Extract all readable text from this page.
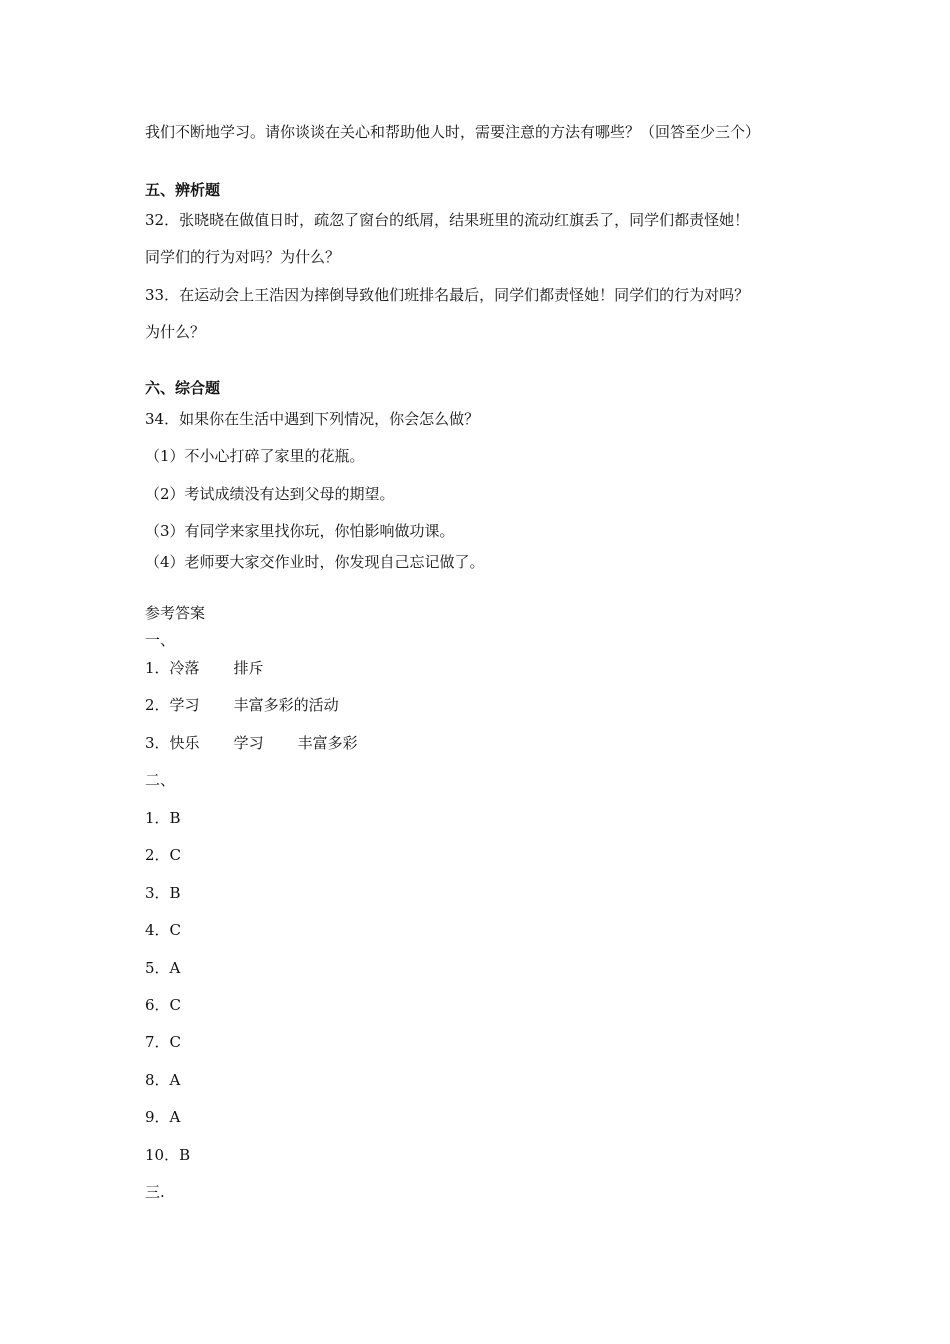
我们不断地学习。请你谈谈在关心和帮助他人时，需要注意的方法有哪些？（回答至少三个）
五、辨析题
32．张晓晓在做值日时，疏忽了窗台的纸屑，结果班里的流动红旗丢了，同学们都责怪她！
同学们的行为对吗？为什么？
33．在运动会上王浩因为摔倒导致他们班排名最后，同学们都责怪她！同学们的行为对吗？
为什么？
六、综合题
34．如果你在生活中遇到下列情况，你会怎么做？
（1）不小心打碎了家里的花瓶。
（2）考试成绩没有达到父母的期望。
（3）有同学来家里找你玩，你怕影响做功课。
（4）老师要大家交作业时，你发现自己忘记做了。
参考答案
一、
1．冷落 排斥
2．学习 丰富多彩的活动
3．快乐 学习 丰富多彩
二、
1．B
2．C
3．B
4．C
5．A
6．C
7．C
8．A
9．A
10．B
三.
